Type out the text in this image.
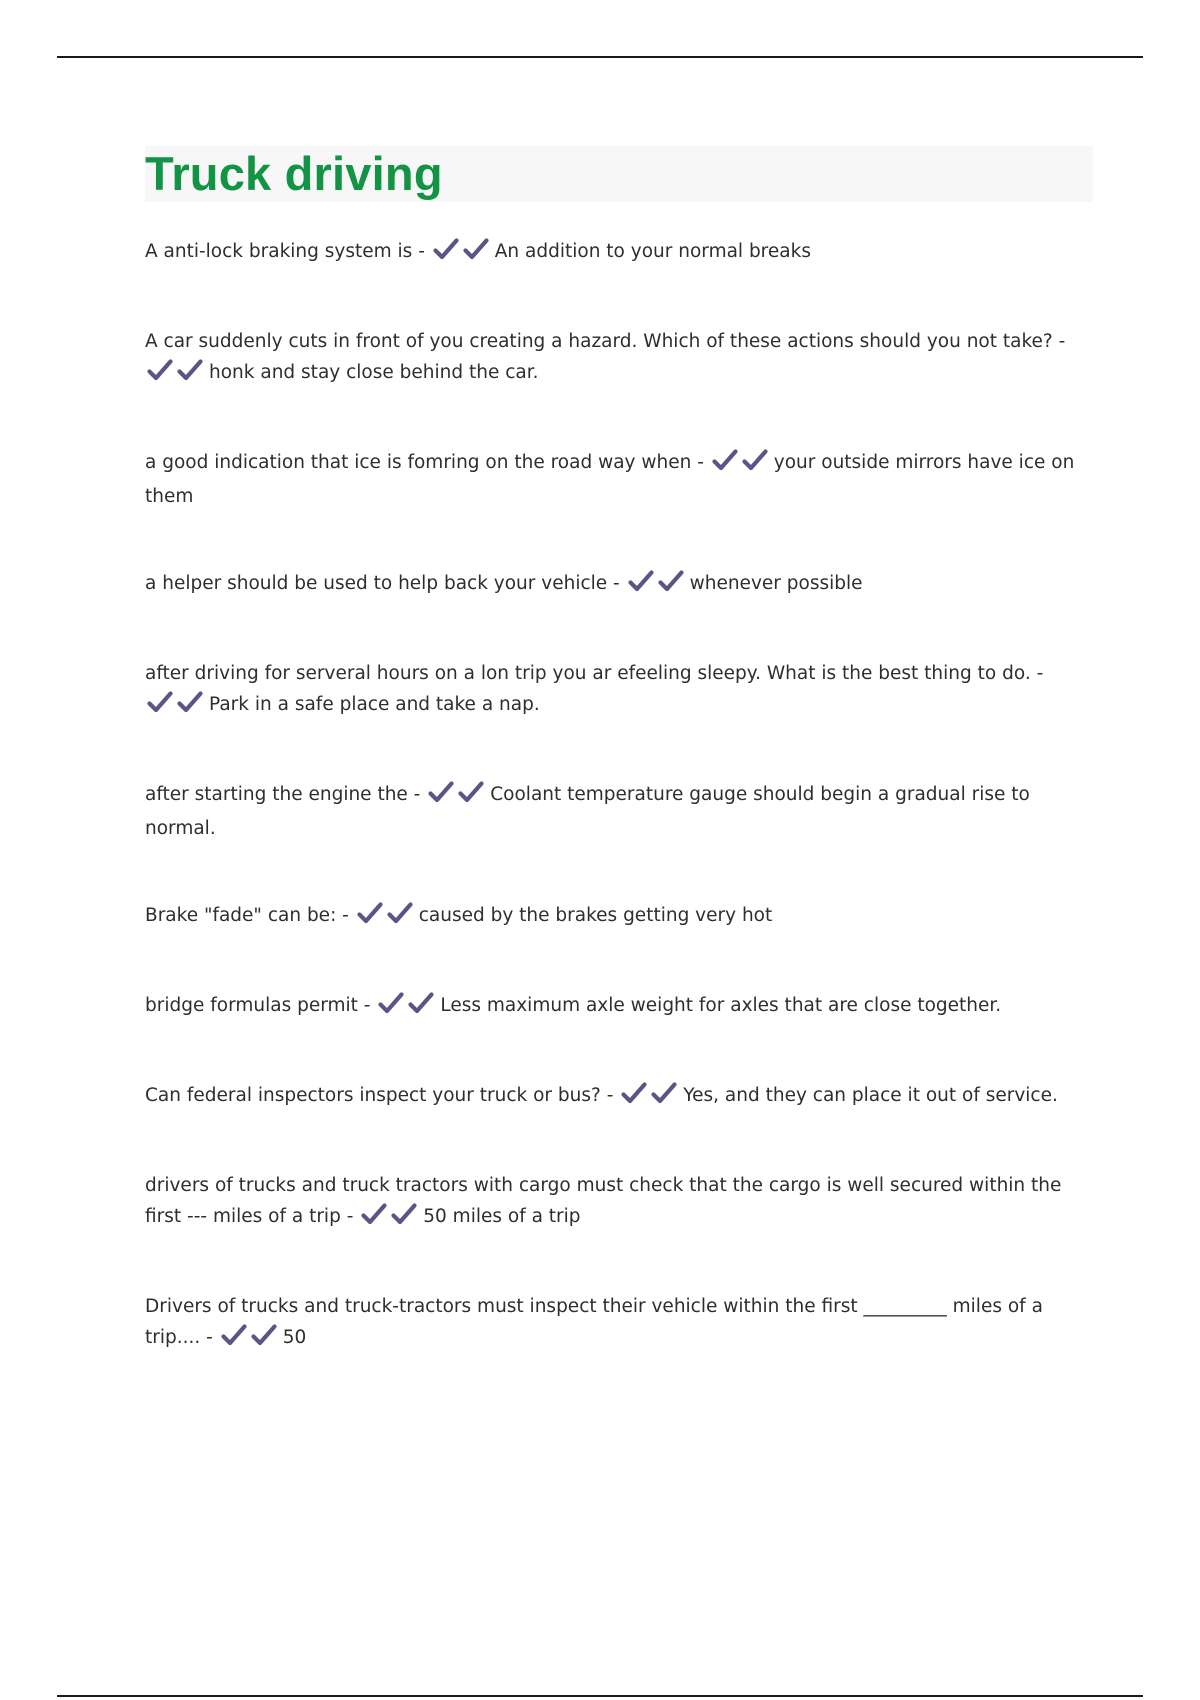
Truck driving

A anti-lock braking system is -	An addition to your normal breaks

A car suddenly cuts in front of you creating a hazard. Which of these actions should you not take? -
honk and stay close behind the car.

a good indication that ice is fomring on the road way when -	your outside mirrors have ice on them

a helper should be used to help back your vehicle -	whenever possible

after driving for serveral hours on a lon trip you ar efeeling sleepy. What is the best thing to do. -
Park in a safe place and take a nap.

after starting the engine the -	Coolant temperature gauge should begin a gradual rise to normal.

Brake "fade" can be: -	caused by the brakes getting very hot

bridge formulas permit -	Less maximum axle weight for axles that are close together.

Can federal inspectors inspect your truck or bus? -	Yes, and they can place it out of service.

drivers of trucks and truck tractors with cargo must check that the cargo is well secured within the first --- miles of a trip -	50 miles of a trip

Drivers of trucks and truck-tractors must inspect their vehicle within the first _________ miles of a trip.... -	50
